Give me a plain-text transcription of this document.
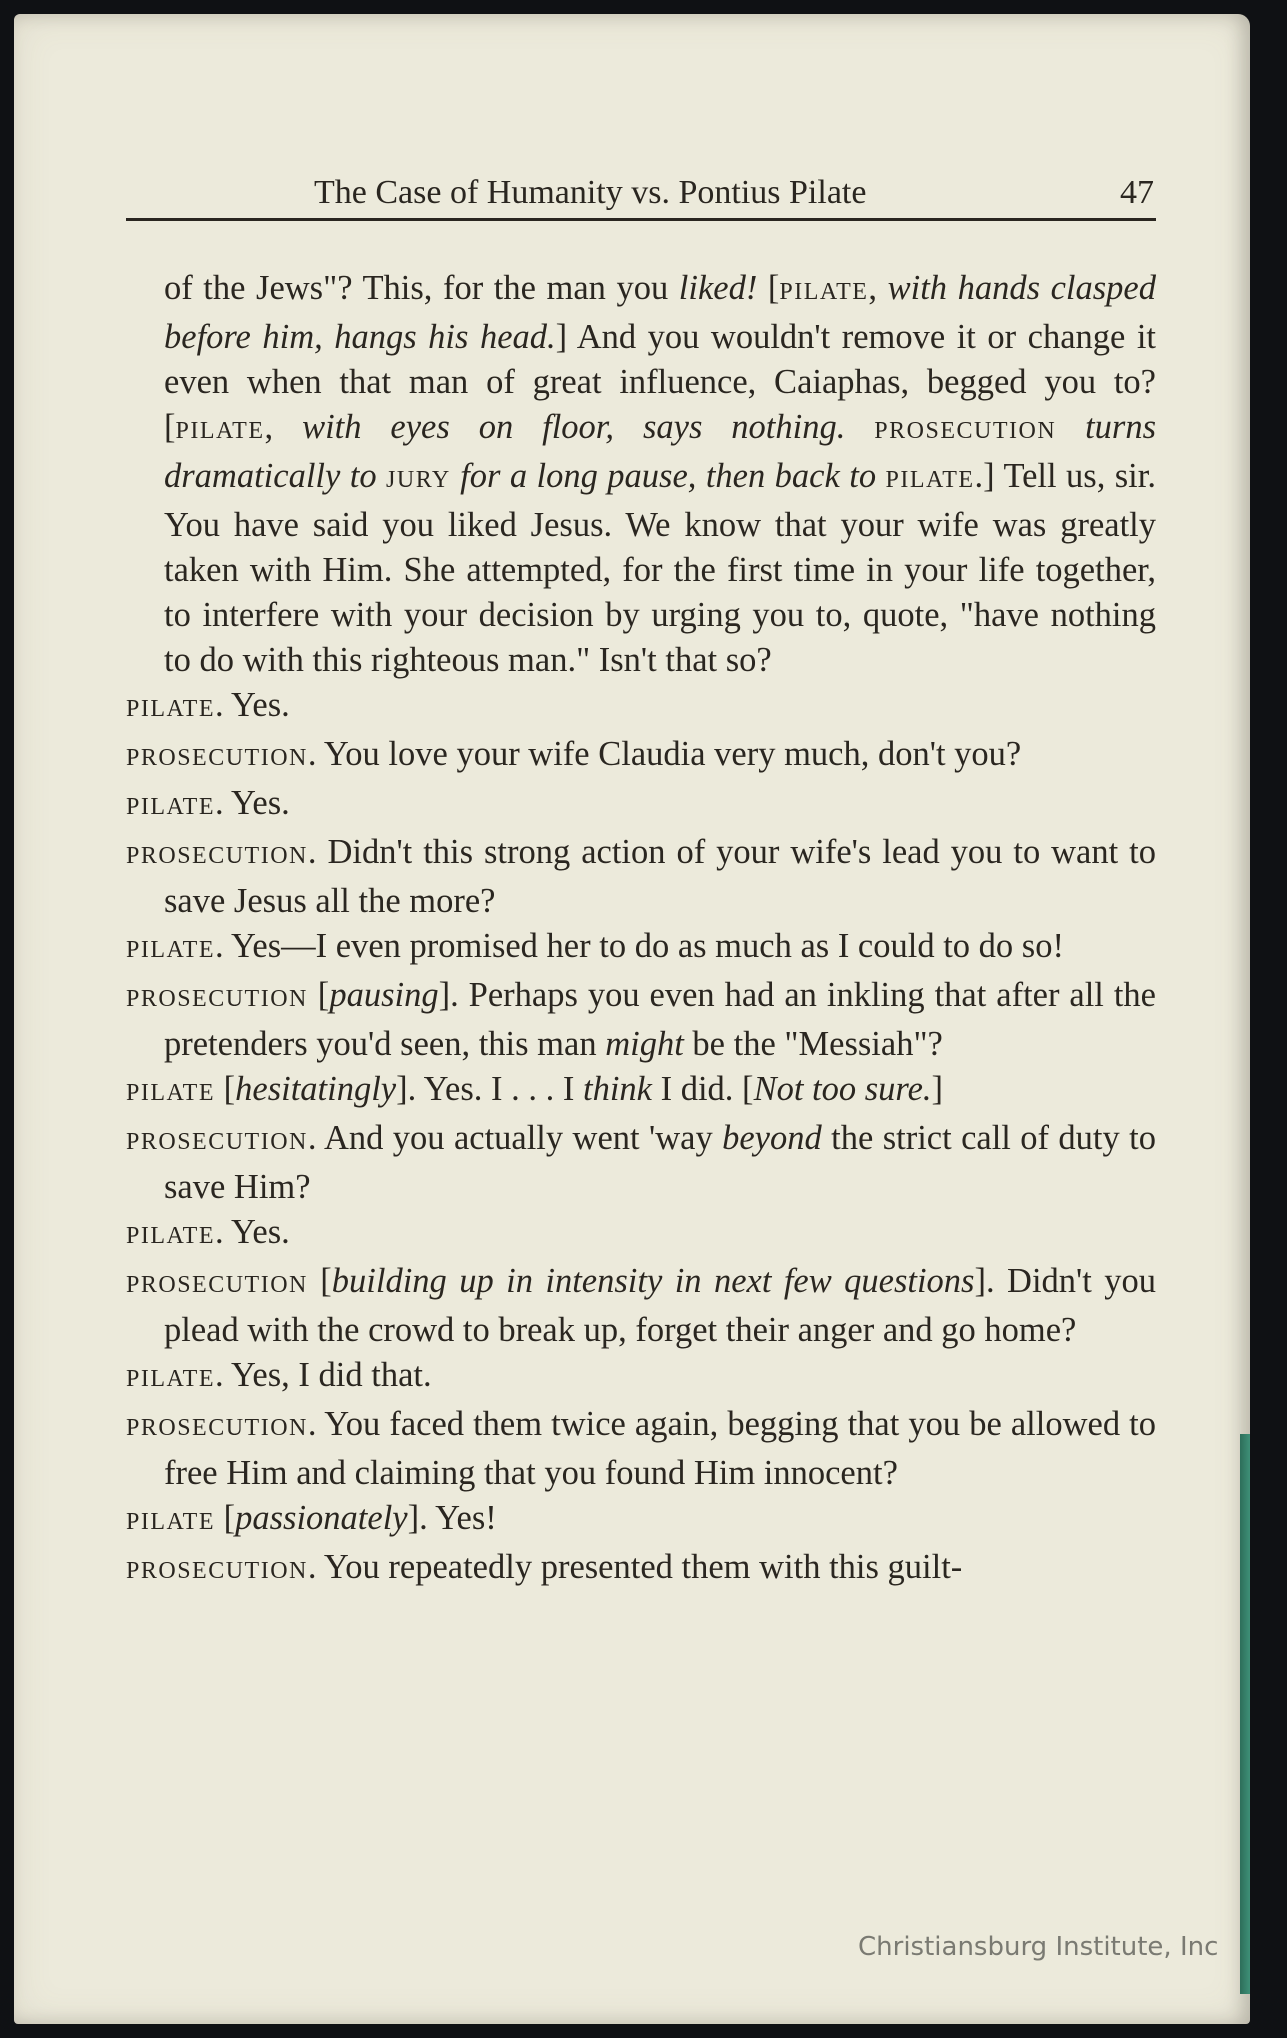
The Case of Humanity vs. Pontius Pilate	47

of the Jews"? This, for the man you liked! [PILATE, with hands clasped before him, hangs his head.] And you wouldn't remove it or change it even when that man of great influence, Caiaphas, begged you to? [PILATE, with eyes on floor, says nothing. PROSECUTION turns dramatically to JURY for a long pause, then back to PILATE.] Tell us, sir. You have said you liked Jesus. We know that your wife was greatly taken with Him. She attempted, for the first time in your life together, to interfere with your decision by urging you to, quote, "have nothing to do with this righteous man." Isn't that so?

PILATE. Yes.

PROSECUTION. You love your wife Claudia very much, don't you?

PILATE. Yes.

PROSECUTION. Didn't this strong action of your wife's lead you to want to save Jesus all the more?

PILATE. Yes—I even promised her to do as much as I could to do so!

PROSECUTION [pausing]. Perhaps you even had an inkling that after all the pretenders you'd seen, this man might be the "Messiah"?

PILATE [hesitatingly]. Yes. I . . . I think I did. [Not too sure.]

PROSECUTION. And you actually went 'way beyond the strict call of duty to save Him?

PILATE. Yes.

PROSECUTION [building up in intensity in next few questions]. Didn't you plead with the crowd to break up, forget their anger and go home?

PILATE. Yes, I did that.

PROSECUTION. You faced them twice again, begging that you be allowed to free Him and claiming that you found Him innocent?

PILATE [passionately]. Yes!

PROSECUTION. You repeatedly presented them with this guilt-

Christiansburg Institute, Inc
